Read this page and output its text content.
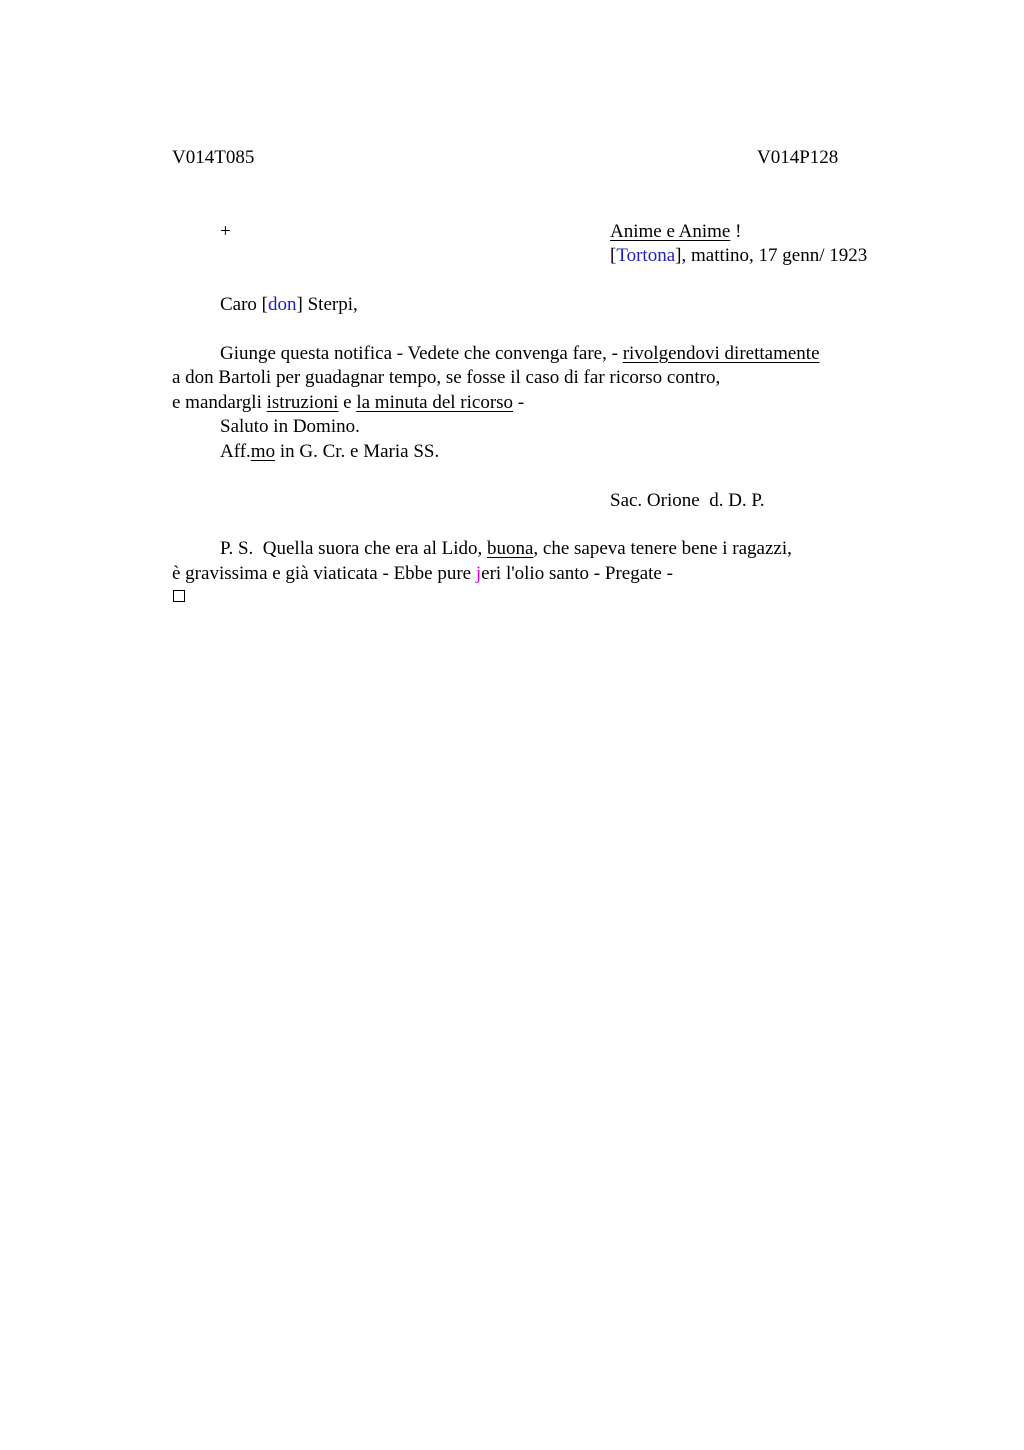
V014T085	V014P128
+	Anime e Anime !
[Tortona], mattino, 17 genn/ 1923
Caro [don] Sterpi,
Giunge questa notifica - Vedete che convenga fare, - rivolgendovi direttamente
a don Bartoli per guadagnar tempo, se fosse il caso di far ricorso contro,
e mandargli istruzioni e la minuta del ricorso -
Saluto in Domino.
Aff.mo in G. Cr. e Maria SS.
Sac. Orione  d. D. P.
P. S.  Quella suora che era al Lido, buona, che sapeva tenere bene i ragazzi,
è gravissima e già viaticata - Ebbe pure jeri l'olio santo - Pregate -
